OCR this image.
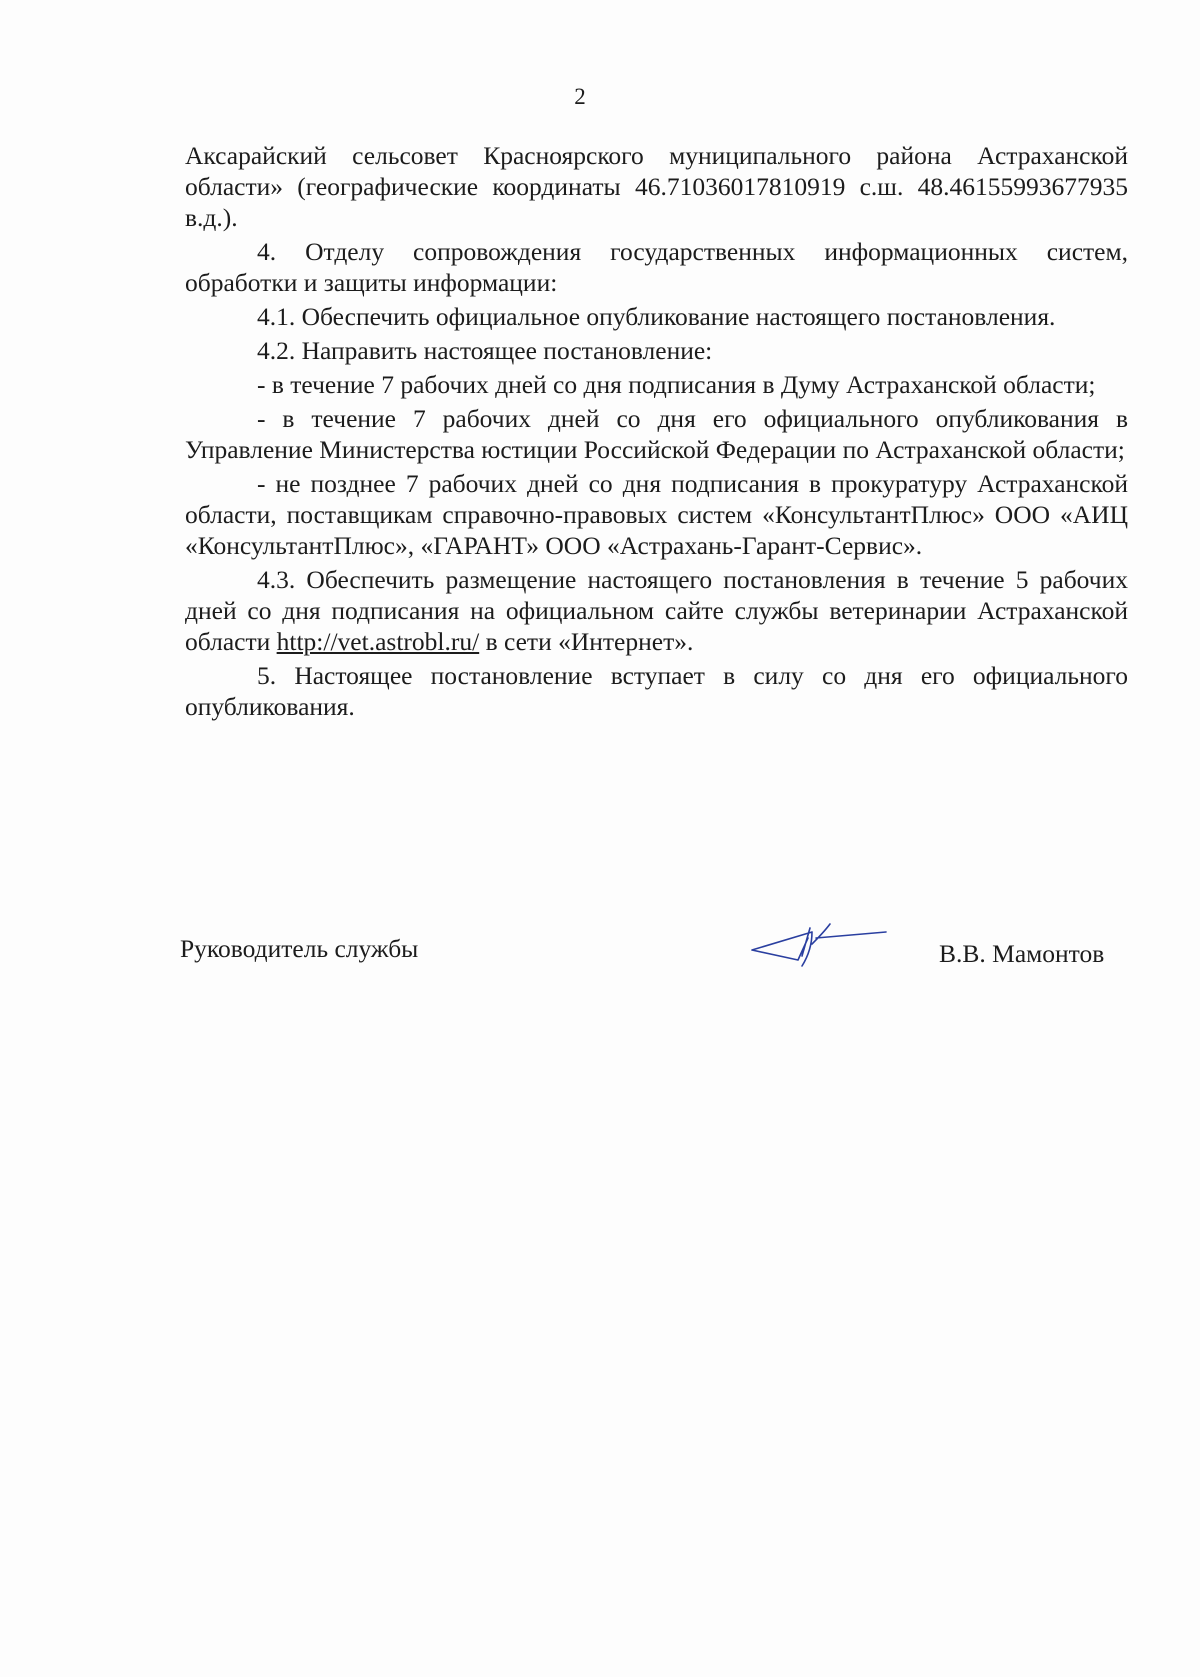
2

Аксарайский сельсовет Красноярского муниципального района Астраханской области» (географические координаты 46.71036017810919 с.ш. 48.46155993677935 в.д.).

4. Отделу сопровождения государственных информационных систем, обработки и защиты информации:

4.1. Обеспечить официальное опубликование настоящего постановления.

4.2. Направить настоящее постановление:

- в течение 7 рабочих дней со дня подписания в Думу Астраханской области;

- в течение 7 рабочих дней со дня его официального опубликования в Управление Министерства юстиции Российской Федерации по Астраханской области;

- не позднее 7 рабочих дней со дня подписания в прокуратуру Астраханской области, поставщикам справочно-правовых систем «КонсультантПлюс» ООО «АИЦ «КонсультантПлюс», «ГАРАНТ» ООО «Астрахань-Гарант-Сервис».

4.3. Обеспечить размещение настоящего постановления в течение 5 рабочих дней со дня подписания на официальном сайте службы ветеринарии Астраханской области http://vet.astrobl.ru/ в сети «Интернет».

5. Настоящее постановление вступает в силу со дня его официального опубликования.

Руководитель службы	В.В. Мамонтов
